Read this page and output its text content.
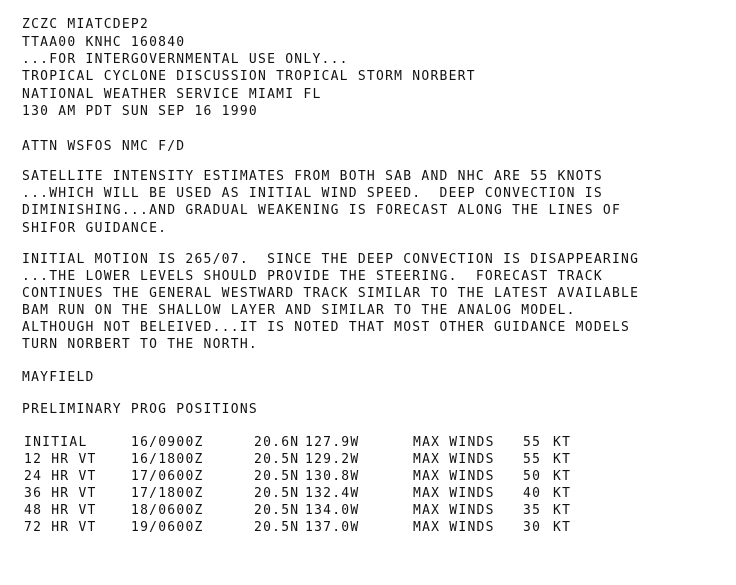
ZCZC MIATCDEP2
TTAA00 KNHC 160840
...FOR INTERGOVERNMENTAL USE ONLY...
TROPICAL CYCLONE DISCUSSION TROPICAL STORM NORBERT
NATIONAL WEATHER SERVICE MIAMI FL
130 AM PDT SUN SEP 16 1990
ATTN WSFOS NMC F/D
SATELLITE INTENSITY ESTIMATES FROM BOTH SAB AND NHC ARE 55 KNOTS
...WHICH WILL BE USED AS INITIAL WIND SPEED.  DEEP CONVECTION IS
DIMINISHING...AND GRADUAL WEAKENING IS FORECAST ALONG THE LINES OF
SHIFOR GUIDANCE.
INITIAL MOTION IS 265/07.  SINCE THE DEEP CONVECTION IS DISAPPEARING
...THE LOWER LEVELS SHOULD PROVIDE THE STEERING.  FORECAST TRACK
CONTINUES THE GENERAL WESTWARD TRACK SIMILAR TO THE LATEST AVAILABLE
BAM RUN ON THE SHALLOW LAYER AND SIMILAR TO THE ANALOG MODEL.
ALTHOUGH NOT BELEIVED...IT IS NOTED THAT MOST OTHER GUIDANCE MODELS
TURN NORBERT TO THE NORTH.
MAYFIELD
PRELIMINARY PROG POSITIONS
INITIAL	16/0900Z	20.6N 127.9W	MAX WINDS 55 KT
12 HR VT	16/1800Z	20.5N 129.2W	MAX WINDS 55 KT
24 HR VT	17/0600Z	20.5N 130.8W	MAX WINDS 50 KT
36 HR VT	17/1800Z	20.5N 132.4W	MAX WINDS 40 KT
48 HR VT	18/0600Z	20.5N 134.0W	MAX WINDS 35 KT
72 HR VT	19/0600Z	20.5N 137.0W	MAX WINDS 30 KT
